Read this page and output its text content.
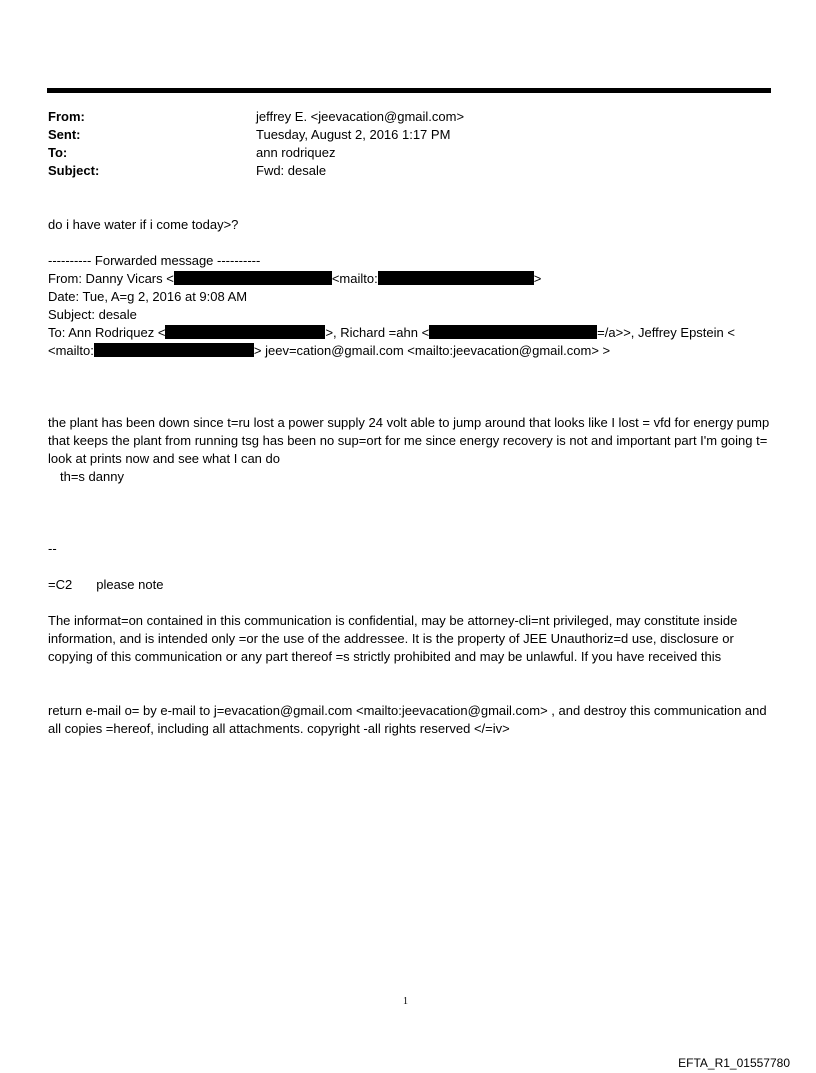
From:	jeffrey E. <jeevacation@gmail.com>
Sent:	Tuesday, August 2, 2016 1:17 PM
To:	ann rodriquez
Subject:	Fwd: desale
do i have water if i come today>?
---------- Forwarded message ----------
From: Danny Vicars <	<mailto:	>
Date: Tue, A=g 2, 2016 at 9:08 AM
Subject: desale
To: Ann Rodriquez <	>, Richard =ahn <	=/a>>, Jeffrey Epstein <
<mailto:	> jeev=cation@gmail.com <mailto:jeevacation@gmail.com> >
the plant has been down since t=ru lost a power supply 24 volt able to jump around that looks like I lost = vfd for energy pump that keeps the plant from running tsg has been no sup=ort for me since energy recovery is not and important part I'm going t= look at prints now and see what I can do
th=s danny
--
=C2 please note
The informat=on contained in this communication is confidential, may be attorney-cli=nt privileged, may constitute inside information, and is intended only =or the use of the addressee. It is the property of JEE Unauthoriz=d use, disclosure or copying of this communication or any part thereof =s strictly prohibited and may be unlawful. If you have received this
return e-mail o= by e-mail to j=evacation@gmail.com <mailto:jeevacation@gmail.com> , and destroy this communication and all copies =hereof, including all attachments. copyright -all rights reserved </=iv>
1
EFTA_R1_01557780
